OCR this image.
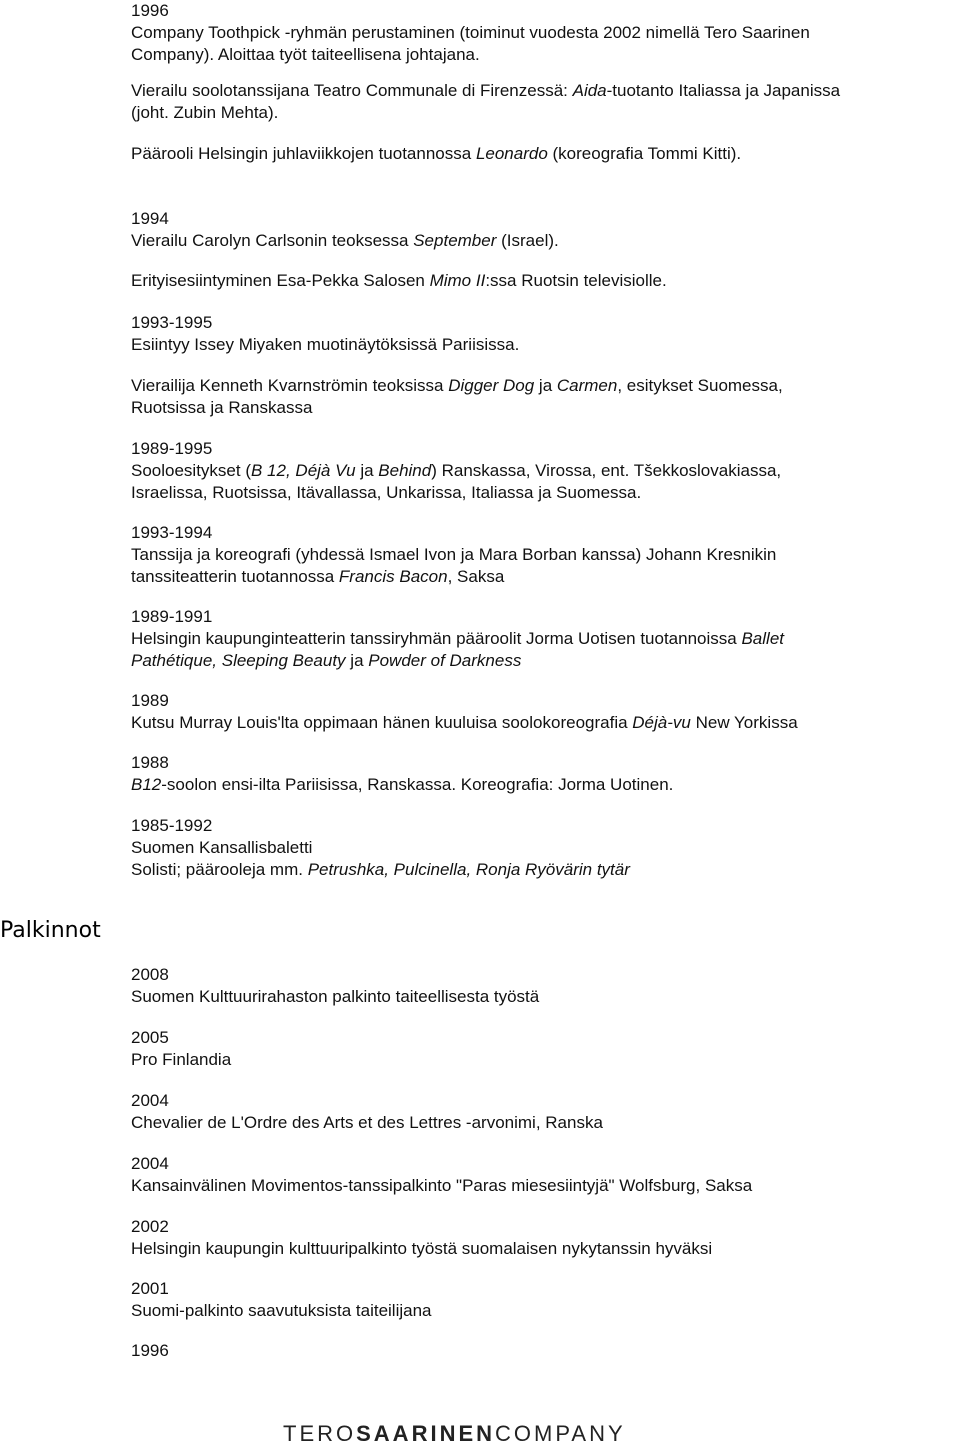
1996

Company Toothpick -ryhmän perustaminen (toiminut vuodesta 2002 nimellä Tero Saarinen

Company). Aloittaa työt taiteellisena johtajana.

Vierailu soolotanssijana Teatro Communale di Firenzessä: Aida-tuotanto Italiassa ja Japanissa

(joht. Zubin Mehta).

Päärooli Helsingin juhlaviikkojen tuotannossa Leonardo (koreografia Tommi Kitti).

1994

Vierailu Carolyn Carlsonin teoksessa September (Israel).

Erityisesiintyminen Esa-Pekka Salosen Mimo II:ssa Ruotsin televisiolle.

1993-1995

Esiintyy Issey Miyaken muotinäytöksissä Pariisissa.

Vierailija Kenneth Kvarnströmin teoksissa Digger Dog ja Carmen, esitykset Suomessa,

Ruotsissa ja Ranskassa

1989-1995

Sooloesitykset (B 12, Déjà Vu ja Behind) Ranskassa, Virossa, ent. Tšekkoslovakiassa,

Israelissa, Ruotsissa, Itävallassa, Unkarissa, Italiassa ja Suomessa.

1993-1994

Tanssija ja koreografi (yhdessä Ismael Ivon ja Mara Borban kanssa) Johann Kresnikin

tanssiteatterin tuotannossa Francis Bacon, Saksa

1989-1991

Helsingin kaupunginteatterin tanssiryhmän pääroolit Jorma Uotisen tuotannoissa Ballet

Pathétique, Sleeping Beauty ja Powder of Darkness

1989

Kutsu Murray Louis'lta oppimaan hänen kuuluisa soolokoreografia Déjà-vu New Yorkissa

1988

B12-soolon ensi-ilta Pariisissa, Ranskassa. Koreografia: Jorma Uotinen.

1985-1992

Suomen Kansallisbaletti

Solisti; päärooleja mm. Petrushka, Pulcinella, Ronja Ryövärin tytär

2008

Suomen Kulttuurirahaston palkinto taiteellisesta työstä

2005

Pro Finlandia

2004

Chevalier de L'Ordre des Arts et des Lettres -arvonimi, Ranska

2004

Kansainvälinen Movimentos-tanssipalkinto "Paras miesesiintyjä" Wolfsburg, Saksa

2002

Helsingin kaupungin kulttuuripalkinto työstä suomalaisen nykytanssin hyväksi

2001

Suomi-palkinto saavutuksista taiteilijana

1996

Palkinnot
TEROSAARINENCOMPANY
